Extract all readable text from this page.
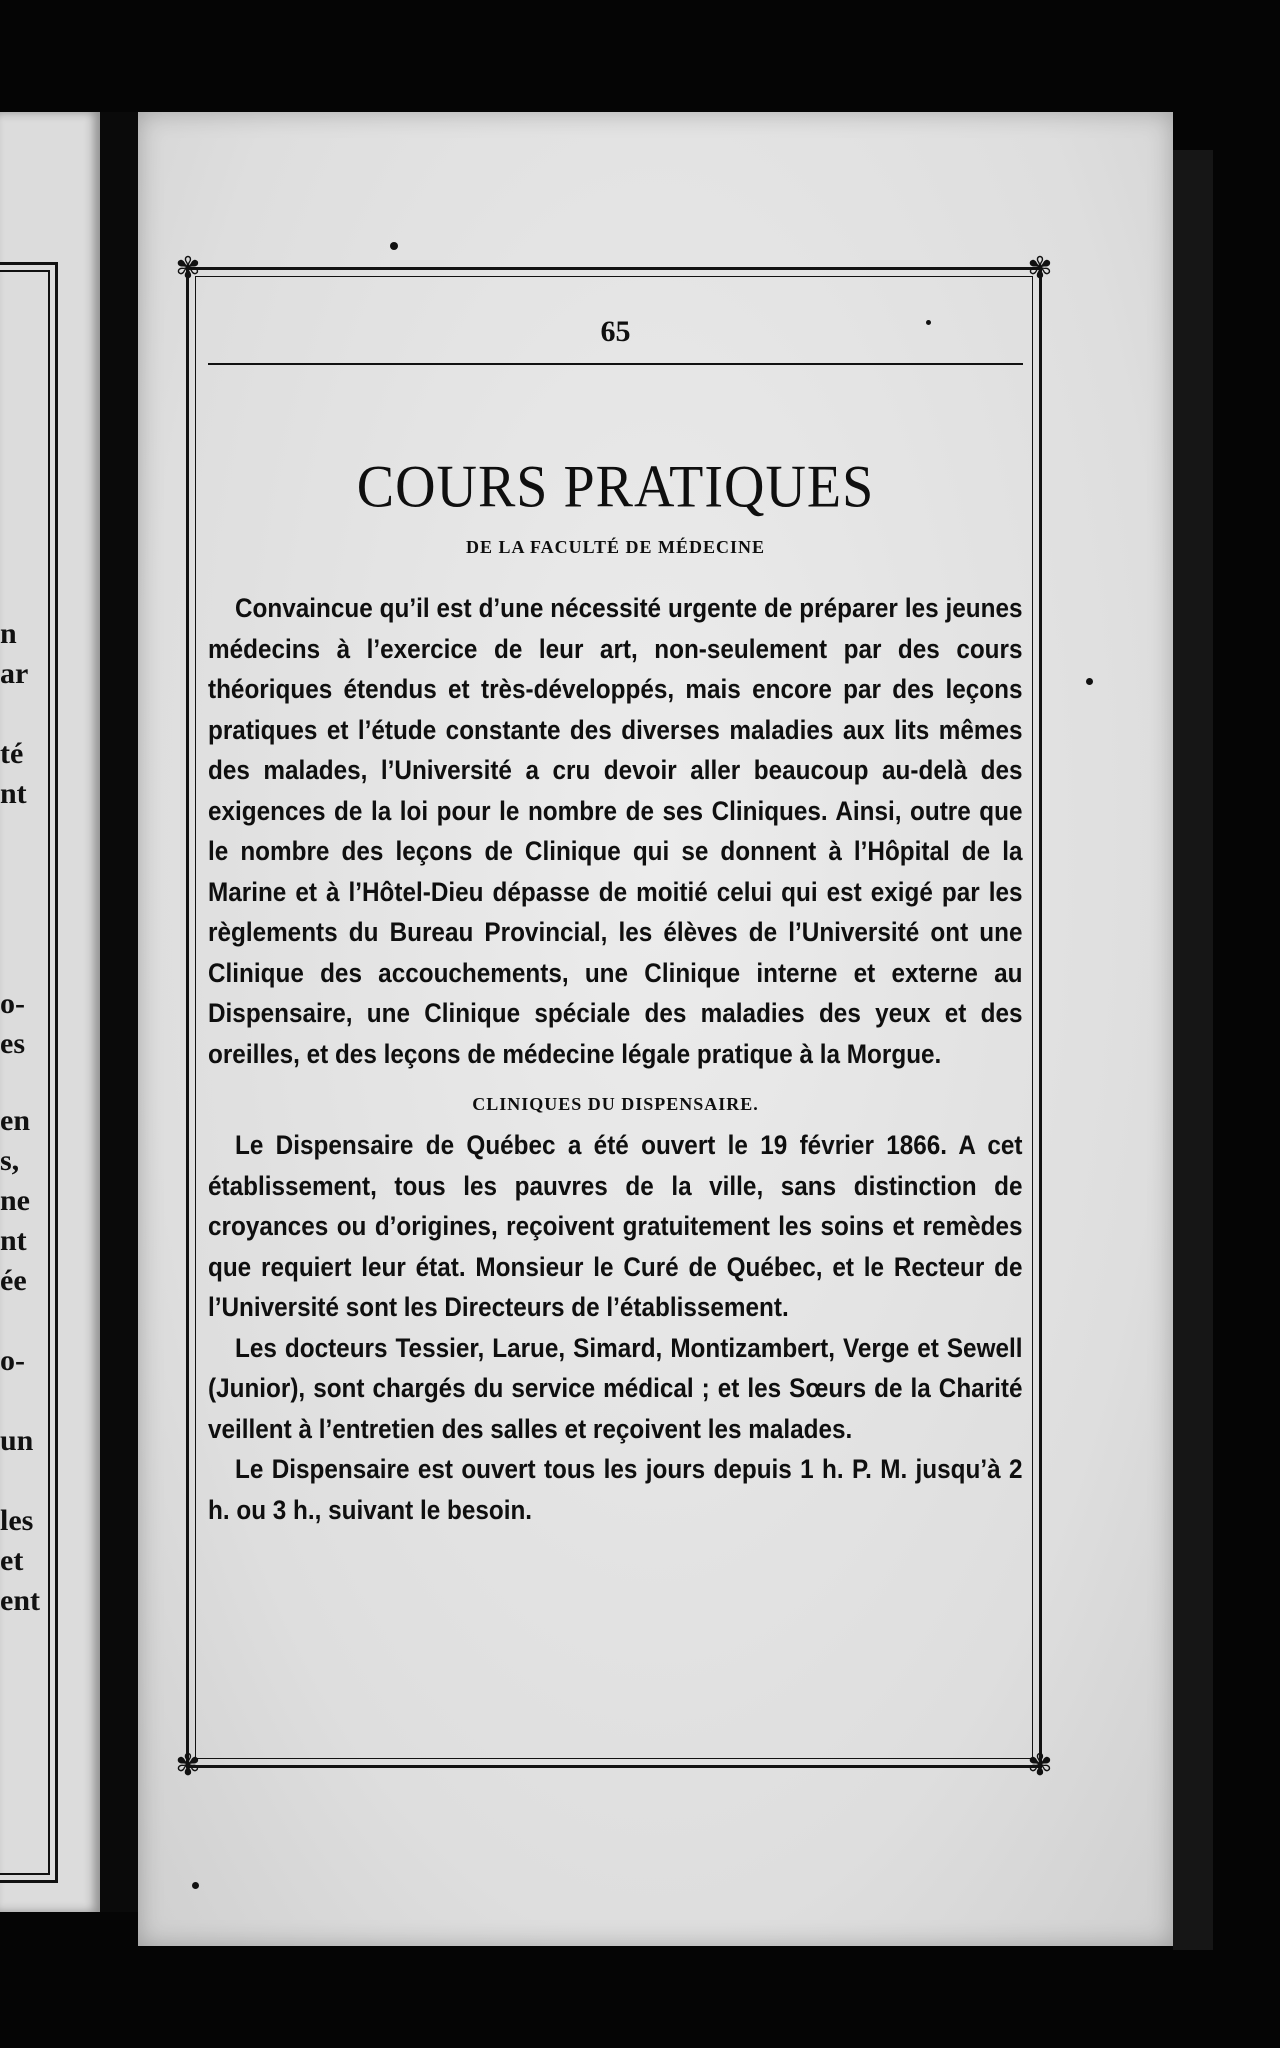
n
ar
té
nt
o-
es
en
s,
ne
nt
ée
o-
un
les
et
ent
✾	✾
✾	✾
65
COURS PRATIQUES
DE LA FACULTÉ DE MÉDECINE

Convaincue qu’il est d’une nécessité urgente de préparer les jeunes médecins à l’exercice de leur art, non-seulement par des cours théoriques étendus et très-développés, mais encore par des leçons pratiques et l’étude constante des diverses maladies aux lits mêmes des malades, l’Université a cru devoir aller beaucoup au-delà des exigences de la loi pour le nombre de ses Cliniques. Ainsi, outre que le nombre des leçons de Clinique qui se donnent à l’Hôpital de la Marine et à l’Hôtel-Dieu dépasse de moitié celui qui est exigé par les règlements du Bureau Provincial, les élèves de l’Université ont une Clinique des accouchements, une Clinique interne et externe au Dispensaire, une Clinique spéciale des maladies des yeux et des oreilles, et des leçons de médecine légale pratique à la Morgue.

CLINIQUES DU DISPENSAIRE.

Le Dispensaire de Québec a été ouvert le 19 février 1866. A cet établissement, tous les pauvres de la ville, sans distinction de croyances ou d’origines, reçoivent gratuitement les soins et remèdes que requiert leur état. Monsieur le Curé de Québec, et le Recteur de l’Université sont les Directeurs de l’établissement.

Les docteurs Tessier, Larue, Simard, Montizambert, Verge et Sewell (Junior), sont chargés du service médical ; et les Sœurs de la Charité veillent à l’entretien des salles et reçoivent les malades.

Le Dispensaire est ouvert tous les jours depuis 1 h. P. M. jusqu’à 2 h. ou 3 h., suivant le besoin.
